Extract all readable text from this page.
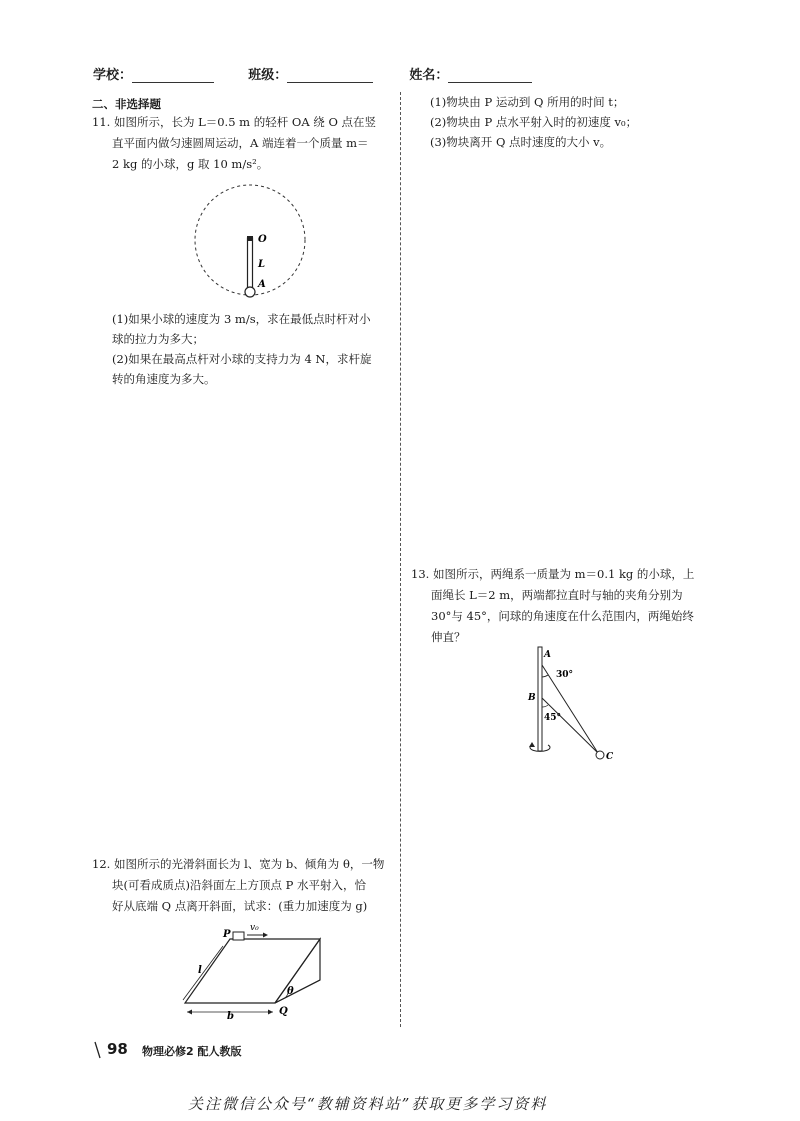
学校：	班级：	姓名：
二、非选择题
11. 如图所示，长为 L＝0.5 m 的轻杆 OA 绕 O 点在竖
直平面内做匀速圆周运动，A 端连着一个质量 m＝
2 kg 的小球，g 取 10 m/s²。
O
L
A
(1)如果小球的速度为 3 m/s，求在最低点时杆对小
球的拉力为多大；
(2)如果在最高点杆对小球的支持力为 4 N，求杆旋
转的角速度为多大。
12. 如图所示的光滑斜面长为 l、宽为 b、倾角为 θ，一物
块(可看成质点)沿斜面左上方顶点 P 水平射入，恰
好从底端 Q 点离开斜面，试求：(重力加速度为 g)
P
v₀
l
b
θ
Q
(1)物块由 P 运动到 Q 所用的时间 t；
(2)物块由 P 点水平射入时的初速度 v₀；
(3)物块离开 Q 点时速度的大小 v。
13. 如图所示，两绳系一质量为 m＝0.1 kg 的小球，上
面绳长 L＝2 m，两端都拉直时与轴的夹角分别为
30°与 45°，问球的角速度在什么范围内，两绳始终
伸直？
A
30°
B
45°
C
98 物理必修2 配人教版
关注微信公众号“教辅资料站”获取更多学习资料
